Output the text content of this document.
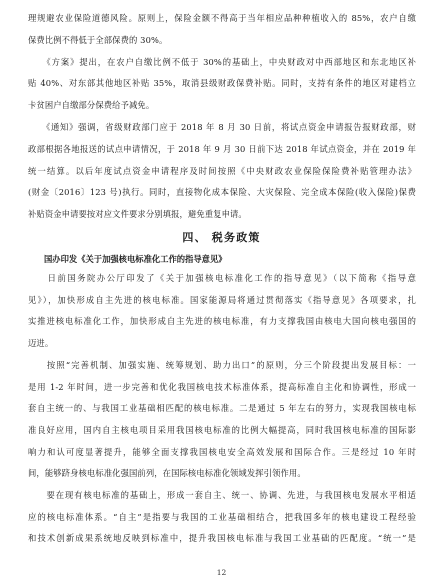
理规避农业保险道德风险。原则上，保险金额不得高于当年相应品种种植收入的 85%，农户自缴
保费比例不得低于全部保费的 30%。
　　《方案》提出，在农户自缴比例不低于 30%的基础上，中央财政对中西部地区和东北地区补
贴 40%、对东部其他地区补贴 35%，取消县级财政保费补贴。同时，支持有条件的地区对建档立
卡贫困户自缴部分保费给予减免。
　　《通知》强调，省级财政部门应于 2018 年 8 月 30 日前，将试点资金申请报告报财政部，财
政部根据各地报送的试点申请情况，于 2018 年 9 月 30 日前下达 2018 年试点资金，并在 2019 年
统一结算。以后年度试点资金申请程序及时间按照《中央财政农业保险保险费补贴管理办法》
(财金〔2016〕123 号)执行。同时，直接物化成本保险、大灾保险、完全成本保险(收入保险)保费
补贴资金申请要按对应文件要求分别填报，避免重复申请。
四、 税务政策
国办印发《关于加强核电标准化工作的指导意见》
　　日前国务院办公厅印发了《关于加强核电标准化工作的指导意见》（以下简称《指导意
见》），加快形成自主先进的核电标准。国家能源局将通过贯彻落实《指导意见》各项要求，扎
实推进核电标准化工作，加快形成自主先进的核电标准，有力支撑我国由核电大国向核电强国的
迈进。
　　按照“完善机制、加强实施、统筹规划、助力出口”的原则，分三个阶段提出发展目标：一
是用 1-2 年时间，进一步完善和优化我国核电技术标准体系，提高标准自主化和协调性，形成一
套自主统一的、与我国工业基础相匹配的核电标准。二是通过 5 年左右的努力，实现我国核电标
准良好应用，国内自主核电项目采用我国核电标准的比例大幅提高，同时我国核电标准的国际影
响力和认可度显著提升，能够全面支撑我国核电安全高效发展和国际合作。三是经过 10 年时
间，能够跻身核电标准化强国前列，在国际核电标准化领域发挥引领作用。
　　要在现有核电标准的基础上，形成一套自主、统一、协调、先进，与我国核电发展水平相适
应的核电标准体系。“自主”是指要与我国的工业基础相结合，把我国多年的核电建设工程经验
和技术创新成果系统地反映到标准中，提升我国核电标准与我国工业基础的匹配度。“统一”是
12
